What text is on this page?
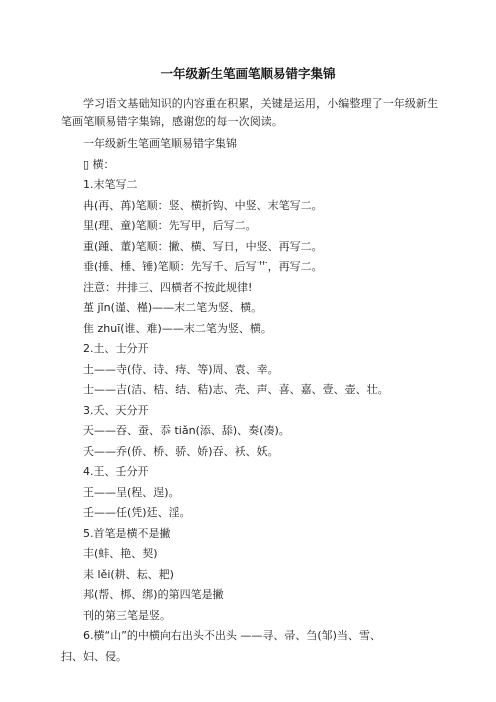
一年级新生笔画笔顺易错字集锦
学习语文基础知识的内容重在积累，关键是运用，小编整理了一年级新生笔画笔顺易错字集锦，感谢您的每一次阅读。
一年级新生笔画笔顺易错字集锦
▯ 横：
1.末笔写二
冉(再、苒)笔顺：竖、横折钩、中竖、末笔写二。
里(理、童)笔顺：先写甲，后写二。
重(踵、董)笔顺：撇、横、写日，中竖、再写二。
垂(捶、棰、锤)笔顺：先写千、后写艹，再写二。
注意：井排三、四横者不按此规律!
堇 jǐn(谨、槿)——末二笔为竖、横。
隹 zhuī(谁、难)——末二笔为竖、横。
2.土、士分开
土——寺(侍、诗、痔、等)周、袁、幸。
士——吉(洁、桔、结、秸)志、壳、声、喜、嘉、壹、壶、壮。
3.夭、天分开
天——吞、蚕、忝 tiǎn(添、舔)、奏(凑)。
夭——乔(侨、桥、骄、娇)吞、袄、妖。
4.王、壬分开
王——呈(程、逞)。
壬——任(凭)廷、淫。
5.首笔是横不是撇
丰(蚌、艳、契)
耒 lěi(耕、耘、耙)
邦(帮、梆、绑)的第四笔是撇
刊的第三笔是竖。
6.横“山”的中横向右出头不出头 ——寻、帚、刍(邹)当、雪、
扫、妇、侵。
